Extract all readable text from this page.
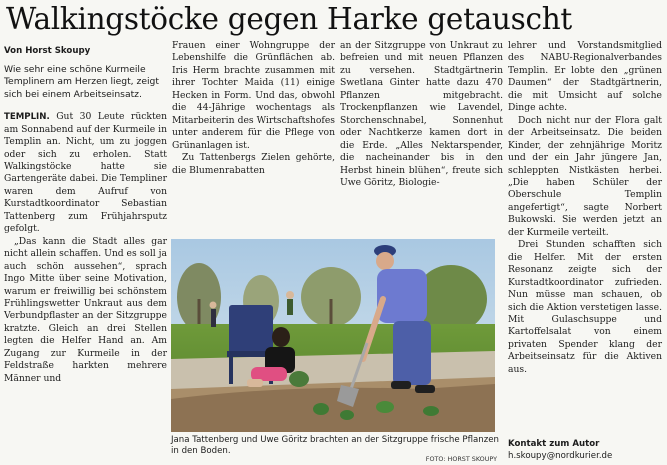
Walkingstöcke gegen Harke getauscht
Von Horst Skoupy

Wie sehr eine schöne Kurmeile Templinern am Herzen liegt, zeigt sich bei einem Arbeitseinsatz.

TEMPLIN. Gut 30 Leute rückten am Sonnabend auf der Kurmeile in Templin an. Nicht, um zu joggen oder sich zu erholen. Statt Walkingstöcke hatte sie Gartengeräte dabei. Die Templiner waren dem Aufruf von Kurstadtkoordinator Sebastian Tattenberg zum Frühjahrsputz gefolgt.

„Das kann die Stadt alles gar nicht allein schaffen. Und es soll ja auch schön aussehen“, sprach Ingo Mitte über seine Motivation, warum er freiwillig bei schönstem Frühlingswetter Unkraut aus dem Verbundpflaster an der Sitzgruppe kratzte. Gleich an drei Stellen legten die Helfer Hand an. Am Zugang zur Kurmeile in der Feldstraße harkten mehrere Männer und

Frauen einer Wohngruppe der Lebenshilfe die Grünflächen ab. Iris Herm brachte zusammen mit ihrer Tochter Maida (11) einige Hecken in Form. Und das, obwohl die 44-Jährige wochentags als Mitarbeiterin des Wirtschaftshofes unter anderem für die Pflege von Grünanlagen ist.

Zu Tattenbergs Zielen gehörte, die Blumenrabatten

an der Sitzgruppe von Unkraut zu befreien und mit neuen Pflanzen zu versehen. Stadtgärtnerin Swetlana Ginter hatte dazu 470 Pflanzen mitgebracht. Trockenpflanzen wie Lavendel, Storchenschnabel, Sonnenhut oder Nachtkerze kamen dort in die Erde. „Alles Nektarspender, die nacheinander bis in den Herbst hinein blühen“, freute sich Uwe Göritz, Biologie-

lehrer und Vorstandsmitglied des NABU-Regionalverbandes Templin. Er lobte den „grünen Daumen“ der Stadtgärtnerin, die mit Umsicht auf solche Dinge achte.

Doch nicht nur der Flora galt der Arbeitseinsatz. Die beiden Kinder, der zehnjährige Moritz und der ein Jahr jüngere Jan, schleppten Nistkästen herbei. „Die haben Schüler der Oberschule Templin angefertigt“, sagte Norbert Bukowski. Sie werden jetzt an der Kurmeile verteilt.

Drei Stunden schafften sich die Helfer. Mit der ersten Resonanz zeigte sich der Kurstadtkoordinator zufrieden. Nun müsse man schauen, ob sich die Aktion verstetigen lasse. Mit Gulaschsuppe und Kartoffelsalat von einem privaten Spender klang der Arbeitseinsatz für die Aktiven aus.

Jana Tattenberg und Uwe Göritz brachten an der Sitzgruppe frische Pflanzen in den Boden.
FOTO: HORST SKOUPY
Kontakt zum Autor
h.skoupy@nordkurier.de
